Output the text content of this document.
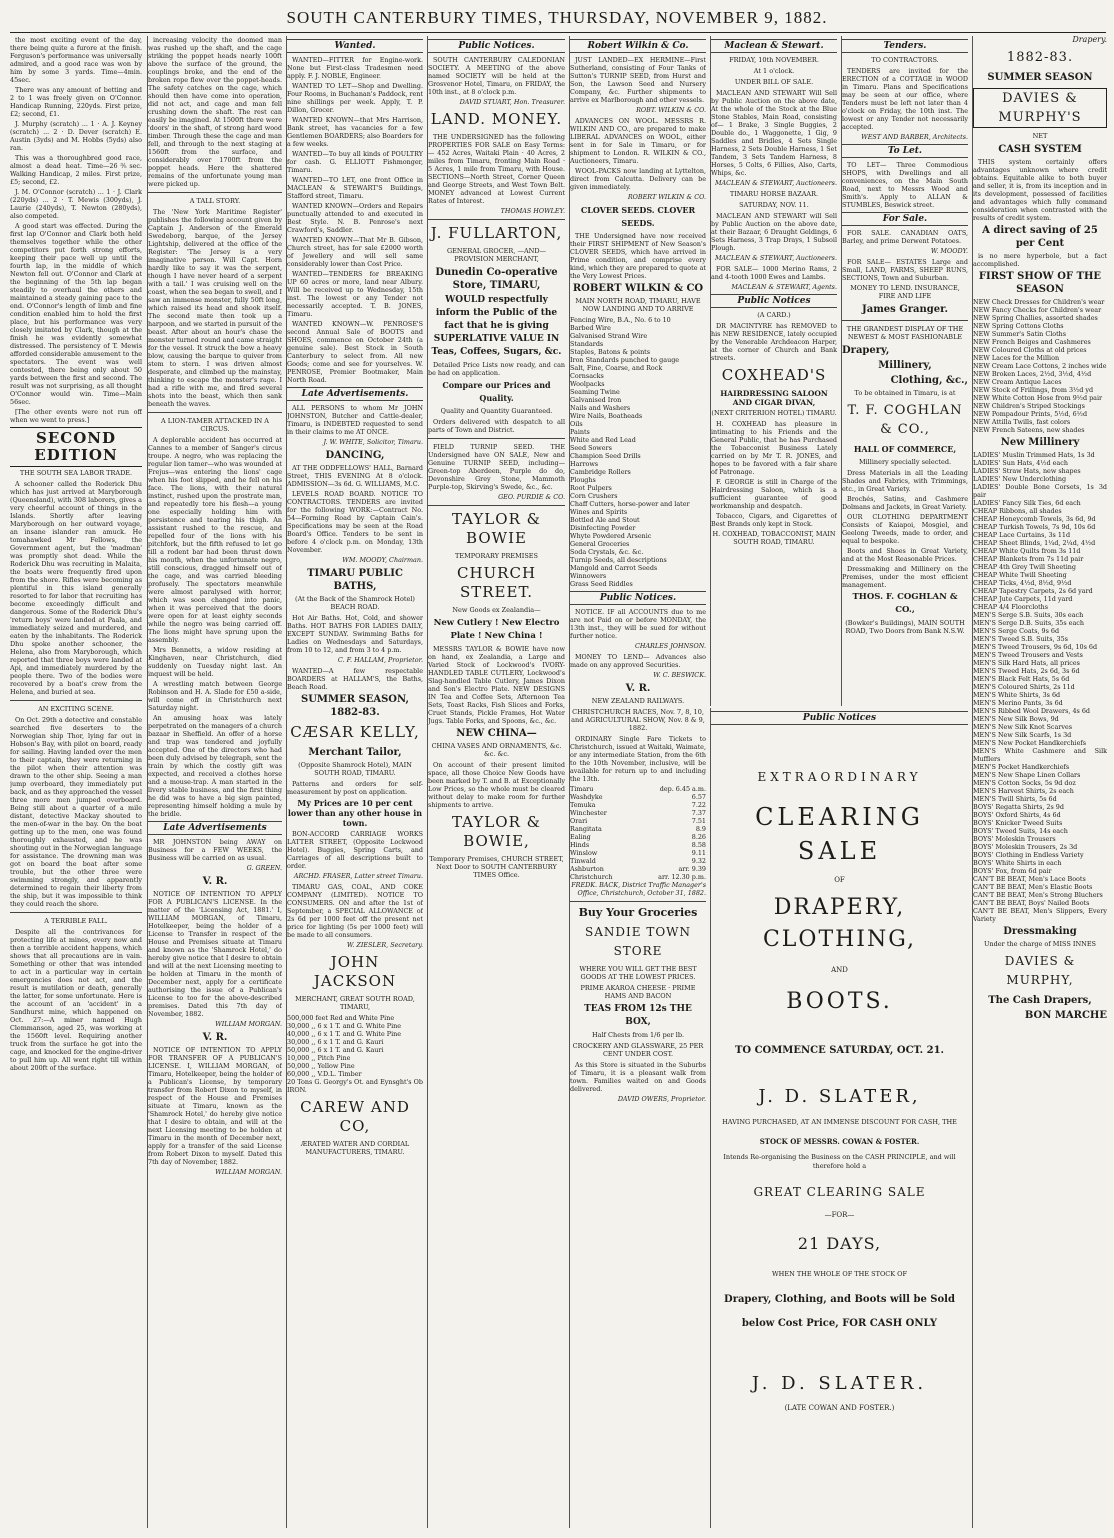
SOUTH CANTERBURY TIMES, THURSDAY, NOVEMBER 9, 1882.

the most exciting event of the day, there being quite a furore at the finish. Ferguson's performance was universally admired, and a good race was won by him by some 3 yards. Time—4min. 45sec.

There was any amount of betting and 2 to 1 was freely given on O'Connor. Handicap Running, 220yds. First prize, £2; second, £1.

J. Murphy (scratch) ... 1 · A. J. Keyney (scratch) ... 2 · D. Dever (scratch) E. Austin (3yds) and M. Hobbs (5yds) also ran.

This was a thoroughbred good race, almost a dead heat. Time—26⅗sec. Walking Handicap, 2 miles. First prize, £5; second, £2.

J. M. O'Connor (scratch) ... 1 · J. Clark (220yds) ... 2 · T. Mewis (300yds), J. Laurie (240yds), T. Newton (280yds), also competed.

A good start was effected. During the first lap O'Connor and Clark both held themselves together while the other competitors put forth strong efforts, keeping their pace well up until the fourth lap, in the middle of which Newton fell out. O'Connor and Clark at the beginning of the 5th lap began steadily to overhaul the others and maintained a steady gaining pace to the end. O'Connor's length of limb and fine condition enabled him to hold the first place, but his performance was very closely imitated by Clark, though at the finish he was evidently somewhat distressed. The persistency of T. Mewis afforded considerable amusement to the spectators. The event was well contested, there being only about 50 yards between the first and second. The result was not surprising, as all thought O'Connor would win. Time—Main 56sec.

[The other events were not run off when we went to press.]

SECOND EDITION
THE SOUTH SEA LABOR TRADE.

A schooner called the Roderick Dhu which has just arrived at Maryborough (Queensland), with 308 laborers, gives a very cheerful account of things in the Islands. Shortly after leaving Maryborough on her outward voyage, an insane islander ran amuck. He tomahawked Mr Fellows, the Government agent, but the 'madman' was promptly shot dead. While the Roderick Dhu was recruiting in Malaita, the boats were frequently fired upon from the shore. Rifles were becoming as plentiful in this island generally resorted to for labor that recruiting has become exceedingly difficult and dangerous. Some of the Roderick Dhu's 'return boys' were landed at Paala, and immediately seized and murdered, and eaten by the inhabitants. The Roderick Dhu spoke another schooner, the Helena, also from Maryborough, which reported that three boys were landed at Api, and immediately murdered by the people there. Two of the bodies were recovered by a boat's crew from the Helena, and buried at sea.

AN EXCITING SCENE.

On Oct. 29th a detective and constable searched five deserters to the Norwegian ship Thor, lying far out in Hobson's Bay, with pilot on board, ready for sailing. Having landed over the men to their captain, they were returning in the pilot when their attention was drawn to the other ship. Seeing a man jump overboard, they immediately put back, and as they approached the vessel three more men jumped overboard. Being still about a quarter of a mile distant, detective Mackay shouted to the men-of-war in the bay. On the boat getting up to the men, one was found thoroughly exhausted, and he was shouting out in the Norwegian language for assistance. The drowning man was got on board the boat after some trouble, but the other three were swimming strongly, and apparently determined to regain their liberty from the ship, but it was impossible to think they could reach the shore.

A TERRIBLE FALL.

Despite all the contrivances for protecting life at mines, every now and then a terrible accident happens, which shows that all precautions are in vain. Something or other that was intended to act in a particular way in certain emergencies does not act, and the result is mutilation or death, generally the latter, for some unfortunate. Here is the account of an 'accident' in a Sandhurst mine, which happened on Oct. 27:—A miner named Hugh Clemmanson, aged 25, was working at the 1560ft level. Requiring another truck from the surface he got into the cage, and knocked for the engine-driver to pull him up. All went right till within about 200ft of the surface.

increasing velocity the doomed man was rushed up the shaft, and the cage striking the poppet heads nearly 100ft above the surface of the ground, the couplings broke, and the end of the broken rope flew over the poppet-heads. The safety catches on the cage, which should then have come into operation, did not act, and cage and man fell crushing down the shaft. The rest can easily be imagined. At 1500ft there were 'doors' in the shaft, of strong hard wood timber. Through these the cage and man fell, and through to the next staging at 1560ft from the surface, and considerably over 1700ft from the poppet heads. Here the shattered remains of the unfortunate young man were picked up.

A TALL STORY.

The 'New York Maritime Register' publishes the following account given by Captain J. Anderson of the Emerald Swedeborg, barque, of the Jersey Lightship, delivered at the office of the Register: 'The Jersey is a very imaginative person. Will Capt. Horn hardly like to say it was the serpent, though I have never heard of a serpent with a tail.' I was cruising well on the coast, when the sea began to swell, and I saw an immense monster, fully 50ft long, which raised its head and shook itself. The second mate then took up a harpoon, and we started in pursuit of the beast. After about an hour's chase the monster turned round and came straight for the vessel. It struck the bow a heavy blow, causing the barque to quiver from stem to stern. I was driven almost desperate, and climbed up the mainstay, thinking to escape the monster's rage. I had a rifle with me, and fired several shots into the beast, which then sank beneath the waves.

A LION-TAMER ATTACKED IN A CIRCUS.

A deplorable accident has occurred at Cannes to a member of Sanger's circus troupe. A negro, who was replacing the regular lion tamer—who was wounded at Frejus—was entering the lions' cage when his foot slipped, and he fell on his face. The lions, with their natural instinct, rushed upon the prostrate man, and repeatedly tore his flesh—a young one especially holding him with persistence and tearing his thigh. An assistant rushed to the rescue, and repelled four of the lions with his pitchfork, but the fifth refused to let go till a rodent bar had been thrust down his mouth, when the unfortunate negro, still conscious, dragged himself out of the cage, and was carried bleeding profusely. The spectators meanwhile were almost paralysed with horror, which was soon changed into panic, when it was perceived that the doors were open for at least eighty seconds while the negro was being carried off. The lions might have sprung upon the assembly.

Mrs Bennetts, a widow residing at Kinghaven, near Christchurch, died suddenly on Tuesday night last. An inquest will be held.

A wrestling match between George Robinson and H. A. Slade for £50 a-side, will come off in Christchurch next Saturday night.

An amusing hoax was lately perpetrated on the managers of a church bazaar in Sheffield. An offer of a horse and trap was tendered and joyfully accepted. One of the directors who had been duly advised by telegraph, sent the train by which the costly gift was expected, and received a clothes horse and a mouse-trap. A man started in the livery stable business, and the first thing he did was to have a big sign painted, representing himself holding a mule by the bridle.

Late Advertisements

MR JOHNSTON being AWAY on Business for a FEW WEEKS, the Business will be carried on as usual.

G. GREEN.
V. R.

NOTICE OF INTENTION TO APPLY FOR A PUBLICAN'S LICENSE. In the matter of the 'Licensing Act, 1881.' I, WILLIAM MORGAN, of Timaru, Hotelkeeper, being the holder of a License to Transfer in respect of the House and Premises situate at Timaru and known as the 'Shamrock Hotel,' do hereby give notice that I desire to obtain and will at the next Licensing meeting to be holden at Timaru in the month of December next, apply for a certificate authorising the issue of a Publican's License to too for the above-described premises. Dated this 7th day of November, 1882.

WILLIAM MORGAN.
V. R.

NOTICE OF INTENTION TO APPLY FOR TRANSFER OF A PUBLICAN'S LICENSE. I, WILLIAM MORGAN, of Timaru, Hotelkeeper, being the holder of a Publican's License, by temporary transfer from Robert Dixon to myself, in respect of the House and Premises situate at Timaru, known as the 'Shamrock Hotel,' do hereby give notice that I desire to obtain, and will at the next Licensing meeting to be holden at Timaru in the month of December next, apply for a transfer of the said License from Robert Dixon to myself. Dated this 7th day of November, 1882.

WILLIAM MORGAN.
Wanted.

WANTED—FITTER for Engine-work. None but First-class Tradesmen need apply. F. J. NOBLE, Engineer.

WANTED TO LET—Shop and Dwelling. Four Rooms, in Buchanan's Paddock, rent nine shillings per week. Apply, T. P. Dillon, Grocer.

WANTED KNOWN—that Mrs Harrison, Bank street, has vacancies for a few Gentlemen BOARDERS; also Boarders for a few weeks.

WANTED—To buy all kinds of POULTRY for cash. G. ELLIOTT Fishmonger, Timaru.

WANTED—TO LET, one front Office in MACLEAN & STEWART'S Buildings, Stafford street, Timaru.

WANTED KNOWN—Orders and Repairs punctually attended to and executed in Best Style. N. B. Penrose's next Crawford's, Saddler.

WANTED KNOWN—That Mr B. Gibson, Church street, has for sale £2000 worth of Jewellery and will sell same considerably lower than Cost Price.

WANTED—TENDERS for BREAKING UP 60 acres or more, land near Albury. Will be received up to Wednesday, 15th inst. The lowest or any Tender not necessarily accepted. T. B. JONES, Timaru.

WANTED KNOWN—W. PENROSE'S second Annual Sale of BOOTS and SHOES, commence on October 24th (a genuine sale). Best Stock in South Canterbury to select from. All new Goods; come and see for yourselves. W. PENROSE, Premier Bootmaker, Main North Road.

Late Advertisements.

ALL PERSONS to whom Mr JOHN JOHNSTON, Butcher and Cattle-dealer, Timaru, is INDEBTED requested to send in their claims to me AT ONCE.

J. W. WHITE, Solicitor, Timaru.
DANCING,

AT THE ODDFELLOWS' HALL, Barnard Street, THIS EVENING At 8 o'clock. ADMISSION—3s 6d. G. WILLIAMS, M.C.

LEVELS ROAD BOARD. NOTICE TO CONTRACTORS. TENDERS are invited for the following WORK:—Contract No. 54—Forming Road by Captain Cain's. Specifications may be seen at the Road Board's Office. Tenders to be sent in before 4 o'clock p.m. on Monday, 13th November.

WM. MOODY, Chairman.
TIMARU PUBLIC BATHS,
(At the Back of the Shamrock Hotel) BEACH ROAD.

Hot Air Baths. Hot, Cold, and shower Baths. HOT BATHS FOR LADIES DAILY, EXCEPT SUNDAY. Swimming Baths for Ladies on Wednesdays and Saturdays, from 10 to 12, and from 3 to 4 p.m.

C. F. HALLAM, Proprietor.

WANTED—A few respectable BOARDERS at HALLAM'S, the Baths, Beach Road.

SUMMER SEASON, 1882-83.
CÆSAR KELLY,
Merchant Tailor,
(Opposite Shamrock Hotel), MAIN SOUTH ROAD, TIMARU.

Patterns and orders for self-measurement by post on application.

My Prices are 10 per cent lower than any other house in town.

BON-ACCORD CARRIAGE WORKS LATTER STREET, (Opposite Lockwood Hotel). Buggies, Spring Carts, and Carriages of all descriptions built to order.

ARCHD. FRASER, Latter street Timaru.

TIMARU GAS, COAL, AND COKE COMPANY (LIMITED). NOTICE TO CONSUMERS. ON and after the 1st of September, a SPECIAL ALLOWANCE of 2s 6d per 1000 feet off the present net price for lighting (5s per 1000 feet) will be made to all consumers.

W. ZIESLER, Secretary.
JOHN JACKSON
MERCHANT, GREAT SOUTH ROAD, TIMARU,
500,000 feet Red and White Pine
30,000 ,, 6 x 1 T. and G. White Pine
40,000 ,, 6 x 1 T. and G. White Pine
30,000 ,, 6 x 1 T. and G. Kauri
50,000 ,, 6 x 1 T. and G. Kauri
10,000 ,, Pitch Pine
50,000 ,, Yellow Pine
60,000 ,, V.D.L. Timber
20 Tons G. Georgy's Ot. and Eynsght's Ob IRON.
CAREW AND CO,
ÆRATED WATER AND CORDIAL MANUFACTURERS, TIMARU.
Public Notices.

SOUTH CANTERBURY CALEDONIAN SOCIETY. A MEETING of the above named SOCIETY will be held at the Grosvenor Hotel, Timaru, on FRIDAY, the 10th inst., at 8 o'clock p.m.

DAVID STUART, Hon. Treasurer.
LAND. MONEY.

THE UNDERSIGNED has the following PROPERTIES FOR SALE on Easy Terms:— 452 Acres, Waitaki Plain · 40 Acres, 2 miles from Timaru, fronting Main Road · 5 Acres, 1 mile from Timaru, with House. SECTIONS—North Street, Corner Queen and George Streets, and West Town Belt. MONEY advanced at Lowest Current Rates of Interest.

THOMAS HOWLEY.
J. FULLARTON,
GENERAL GROCER, —AND— PROVISION MERCHANT,
Dunedin Co-operative Store, TIMARU,
WOULD respectfully inform the Public of the fact that he is giving SUPERLATIVE VALUE IN Teas, Coffees, Sugars, &c.

Detailed Price Lists now ready, and can be had on application.

Compare our Prices and Quality.
Quality and Quantity Guaranteed.

Orders delivered with despatch to all parts of Town and District.

FIELD TURNIP SEED. THE Undersigned have ON SALE, New and Genuine TURNIP SEED, including— Green-top Aberdeen, Purple do do, Devonshire Grey Stone, Mammoth Purple-top, Skirving's Swede, &c., &c.

GEO. PURDIE & CO.
TAYLOR & BOWIE
TEMPORARY PREMISES
CHURCH STREET.
New Goods ex Zealandia—
New Cutlery ! New Electro Plate ! New China !

MESSRS TAYLOR & BOWIE have now on hand, ex Zealandia, a Large and Varied Stock of Lockwood's IVORY-HANDLED TABLE CUTLERY, Lockwood's Slag-handled Table Cutlery, James Dixon and Son's Electro Plate. NEW DESIGNS IN Tea and Coffee Sets, Afternoon Tea Sets, Toast Racks, Fish Slices and Forks, Cruet Stands, Pickle Frames, Hot Water Jugs. Table Forks, and Spoons, &c., &c.

NEW CHINA—
CHINA VASES AND ORNAMENTS, &c. &c. &c.

On account of their present limited space, all those Choice New Goods have been marked by T. and B. at Exceptionally Low Prices, so the whole must be cleared without delay to make room for further shipments to arrive.

TAYLOR & BOWIE,
Temporary Premises, CHURCH STREET, Next Door to SOUTH CANTERBURY TIMES Office.
Robert Wilkin & Co.

JUST LANDED—EX HERMINE—First Sutherland, consisting of Four Tanks of Sutton's TURNIP SEED, from Hurst and Son, the Lawson Seed and Nursery Company, &c. Further shipments to arrive ex Marlborough and other vessels.

ROBT. WILKIN & CO.

ADVANCES ON WOOL. MESSRS R. WILKIN AND CO., are prepared to make LIBERAL ADVANCES on WOOL, either sent in for Sale in Timaru, or for shipment to London. R. WILKIN & CO., Auctioneers, Timaru.

WOOL-PACKS now landing at Lyttelton, direct from Calcutta. Delivery can be given immediately.

ROBERT WILKIN & CO.
CLOVER SEEDS. CLOVER SEEDS.

THE Undersigned have now received their FIRST SHIPMENT of New Season's CLOVER SEEDS, which have arrived in Prime condition, and comprise every kind, which they are prepared to quote at the Very Lowest Prices.

ROBERT WILKIN & CO
MAIN NORTH ROAD, TIMARU, HAVE NOW LANDING AND TO ARRIVE
Fencing Wire, B.A., No. 6 to 10
Barbed Wire
Galvanised Strand Wire
Standards
Staples, Batons & points
Iron Standards punched to gauge
Salt, Fine, Coarse, and Rock
Cornsacks
Woolpacks
Seaming Twine
Galvanised Iron
Nails and Washers
Wire Nails, Boatheads
Oils
Paints
White and Red Lead
Seed Sowers
Champion Seed Drills
Harrows
Cambridge Rollers
Ploughs
Root Pulpers
Corn Crushers
Chaff Cutters, horse-power and later
Wines and Spirits
Bottled Ale and Stout
Disinfecting Powder
Whyte Powdered Arsenic
General Groceries
Soda Crystals, &c. &c.
Turnip Seeds, all descriptions
Mangold and Carrot Seeds
Winnowers
Grass Seed Riddles
Public Notices.

NOTICE. IF all ACCOUNTS due to me are not Paid on or before MONDAY, the 13th inst., they will be sued for without further notice.

CHARLES JOHNSON.

MONEY TO LEND— Advances also made on any approved Securities.

W. C. BESWICK.
V. R.
NEW ZEALAND RAILWAYS.
CHRISTCHURCH RACES, Nov. 7, 8, 10, and AGRICULTURAL SHOW, Nov. 8 & 9, 1882.

ORDINARY Single Fare Tickets to Christchurch, issued at Waitaki, Waimate, or any intermediate Station, from the 6th to the 10th November, inclusive, will be available for return up to and including the 13th.

Timaru	dep. 6.45 a.m.
Washdyke	6.57
Temuka	7.22
Winchester	7.37
Orari	7.51
Rangitata	8.9
Ealing	8.26
Hinds	8.58
Winslow	9.11
Tinwald	9.32
Ashburton	arr. 9.39
Christchurch	arr. 12.30 p.m.
FREDK. BACK, District Traffic Manager's Office, Christchurch, October 31, 1882.
Buy Your Groceries
SANDIE TOWN STORE
WHERE YOU WILL GET THE BEST GOODS AT THE LOWEST PRICES.
PRIME AKAROA CHEESE · PRIME HAMS AND BACON
TEAS FROM 12s THE BOX,
Half Chests from 1/6 per lb.
CROCKERY AND GLASSWARE, 25 PER CENT UNDER COST.

As this Store is situated in the Suburbs of Timaru, it is a pleasant walk from town. Families waited on and Goods delivered.

DAVID OWERS, Proprietor.
Maclean & Stewart.
FRIDAY, 10th NOVEMBER.
At 1 o'clock.
UNDER BILL OF SALE.

MACLEAN AND STEWART Will Sell by Public Auction on the above date, At the whole of the Stock at the Blue Stone Stables, Main Road, consisting of— 1 Brake, 3 Single Buggies, 2 Double do., 1 Waggonette, 1 Gig, 9 Saddles and Bridles, 4 Sets Single Harness, 2 Sets Double Harness, 1 Set Tandem, 3 Sets Tandem Harness, 8 Horses, 5 Colts, 6 Fillies, Also, Carts, Whips, &c.

MACLEAN & STEWART, Auctioneers.
TIMARU HORSE BAZAAR.
SATURDAY, NOV. 11.

MACLEAN AND STEWART will Sell by Public Auction on the above date, at their Bazaar, 6 Draught Geldings, 6 Sets Harness, 3 Trap Drays, 1 Subsoil Plough.

MACLEAN & STEWART, Auctioneers.

FOR SALE— 1000 Merino Rams, 2 and 4-tooth 1000 Ewes and Lambs.

MACLEAN & STEWART, Agents.
Public Notices
(A CARD.)

DR MACINTYRE has REMOVED to his NEW RESIDENCE, lately occupied by the Venerable Archdeacon Harper, at the corner of Church and Bank streets.

COXHEAD'S
HAIRDRESSING SALOON AND CIGAR DIVAN,
(NEXT CRITERION HOTEL) TIMARU.

H. COXHEAD has pleasure in intimating to his Friends and the General Public, that he has Purchased the Tobacconist Business Lately carried on by Mr T. R. JONES, and hopes to be favored with a fair share of Patronage.

F. GEORGE is still in Charge of the Hairdressing Saloon, which is a sufficient guarantee of good workmanship and despatch.

Tobacco, Cigars, and Cigarettes of Best Brands only kept in Stock.

H. COXHEAD, TOBACCONIST, MAIN SOUTH ROAD, TIMARU.
Tenders.
TO CONTRACTORS.

TENDERS are invited for the ERECTION of a COTTAGE in WOOD in Timaru. Plans and Specifications may be seen at our office, where Tenders must be left not later than 4 o'clock on Friday, the 10th inst. The lowest or any Tender not necessarily accepted.

WEST AND BARBER, Architects.
To Let.

TO LET— Three Commodious SHOPS, with Dwellings and all conveniences, on the Main South Road, next to Messrs Wood and Smith's. Apply to ALLAN & STUMBLES, Beswick street.

For Sale.

FOR SALE. CANADIAN OATS, Barley, and prime Derwent Potatoes.

W. MOODY.

FOR SALE— ESTATES Large and Small, LAND, FARMS, SHEEP RUNS, SECTIONS, Town and Suburban.

MONEY TO LEND. INSURANCE, FIRE AND LIFE
James Granger.
THE GRANDEST DISPLAY OF THE NEWEST & MOST FASHIONABLE
Drapery,
Millinery,
Clothing, &c.,
To be obtained in Timaru, is at
T. F. COGHLAN & CO.,
HALL OF COMMERCE,
Millinery specially selected.

Dress Materials in all the Leading Shades and Fabrics, with Trimmings, etc., in Great Variety.

Brochés, Satins, and Cashmere Dolmans and Jackets, in Great Variety.

OUR CLOTHING DEPARTMENT Consists of Kaiapoi, Mosgiel, and Geelong Tweeds, made to order, and equal to bespoke.

Boots and Shoes in Great Variety, and at the Most Reasonable Prices.

Dressmaking and Millinery on the Premises, under the most efficient management.

THOS. F. COGHLAN & CO.,
(Bowker's Buildings), MAIN SOUTH ROAD, Two Doors from Bank N.S.W.
Public Notices
EXTRAORDINARY
CLEARING SALE
OF
DRAPERY, CLOTHING,
AND
BOOTS.
TO COMMENCE SATURDAY, OCT. 21.
J. D. SLATER,
HAVING PURCHASED, AT AN IMMENSE DISCOUNT FOR CASH, THE
STOCK OF MESSRS. COWAN & FOSTER.
Intends Re-organising the Business on the CASH PRINCIPLE, and will therefore hold a
GREAT CLEARING SALE
—FOR—
21 DAYS,
WHEN THE WHOLE OF THE STOCK OF
Drapery, Clothing, and Boots will be Sold
below Cost Price, FOR CASH ONLY
J. D. SLATER.
(LATE COWAN AND FOSTER.)
Drapery.
1882-83.
SUMMER SEASON
DAVIES & MURPHY'S
NET
CASH SYSTEM

THIS system certainly offers advantages unknown where credit obtains. Equitable alike to both buyer and seller, it is, from its inception and in its development, possessed of facilities and advantages which fully command consideration when contrasted with the results of credit system.

A direct saving of 25 per Cent

is no mere hyperbole, but a fact accomplished.

FIRST SHOW OF THE SEASON
NEW Check Dresses for Children's wear
NEW Fancy Checks for Children's wear
NEW Spring Challies, assorted shades
NEW Spring Cottons Cloths
NEW Summer's Satin Cloths
NEW French Beiges and Cashmeres
NEW Coloured Cloths at old prices
NEW Laces for the Million
NEW Cream Lace Cottons, 2 inches wide
NEW Broken Laces, 2½d, 3½d, 4½d
NEW Cream Antique Laces
NEW Stock of Frillings, from 3½d yd
NEW White Cotton Hose from 9½d pair
NEW Children's Striped Stockings
NEW Pompadour Prints, 5½d, 6½d
NEW Attilla Twills, fast colors
NEW French Sateens, new shades
New Millinery
LADIES' Muslin Trimmed Hats, 1s 3d
LADIES' Sun Hats, 4½d each
LADIES' Straw Hats, new shapes
LADIES' New Underclothing
LADIES' Double Bone Corsets, 1s 3d pair
LADIES' Fancy Silk Ties, 6d each
CHEAP Ribbons, all shades
CHEAP Honeycomb Towels, 3s 6d, 9d
CHEAP Turkish Towels, 7s 9d, 10s 6d
CHEAP Lace Curtains, 3s 11d
CHEAP Sheet Blinds, 1¼d, 2¼d, 4½d
CHEAP White Quilts from 3s 11d
CHEAP Blankets from 7s 11d pair
CHEAP 4th Grey Twill Sheeting
CHEAP White Twill Sheeting
CHEAP Ticks, 4½d, 8½d, 9½d
CHEAP Tapestry Carpets, 2s 6d yard
CHEAP Jute Carpets, 11d yard
CHEAP 4/4 Floorcloths
MEN'S Serge S.B. Suits, 30s each
MEN'S Serge D.B. Suits, 35s each
MEN'S Serge Coats, 9s 6d
MEN'S Tweed S.B. Suits, 35s
MEN'S Tweed Trousers, 9s 6d, 10s 6d
MEN'S Tweed Trousers and Vests
MEN'S Silk Hard Hats, all prices
MEN'S Tweed Hats, 2s 6d, 3s 6d
MEN'S Black Felt Hats, 5s 6d
MEN'S Coloured Shirts, 2s 11d
MEN'S White Shirts, 3s 6d
MEN'S Merino Pants, 3s 6d
MEN'S Ribbed Wool Drawers, 4s 6d
MEN'S New Silk Bows, 9d
MEN'S New Silk Knot Scarves
MEN'S New Silk Scarfs, 1s 3d
MEN'S New Pocket Handkerchiefs
MEN'S White Cashmere and Silk Mufflers
MEN'S Pocket Handkerchiefs
MEN'S New Shape Linen Collars
MEN'S Cotton Socks, 5s 9d doz
MEN'S Harvest Shirts, 2s each
MEN'S Twill Shirts, 5s 6d
BOYS' Regatta Shirts, 2s 9d
BOYS' Oxford Shirts, 4s 6d
BOYS' Knicker Tweed Suits
BOYS' Tweed Suits, 14s each
BOYS' Moleskin Trousers
BOYS' Moleskin Trousers, 2s 3d
BOYS' Clothing in Endless Variety
BOYS' White Shirts in each
BOYS' Fox, from 6d pair
CAN'T BE BEAT, Men's Lace Boots
CAN'T BE BEAT, Men's Elastic Boots
CAN'T BE BEAT, Men's Strong Bluchers
CAN'T BE BEAT, Boys' Nailed Boots
CAN'T BE BEAT, Men's Slippers, Every Variety
Dressmaking
Under the charge of MISS INNES
DAVIES & MURPHY,
The Cash Drapers,
BON MARCHE
